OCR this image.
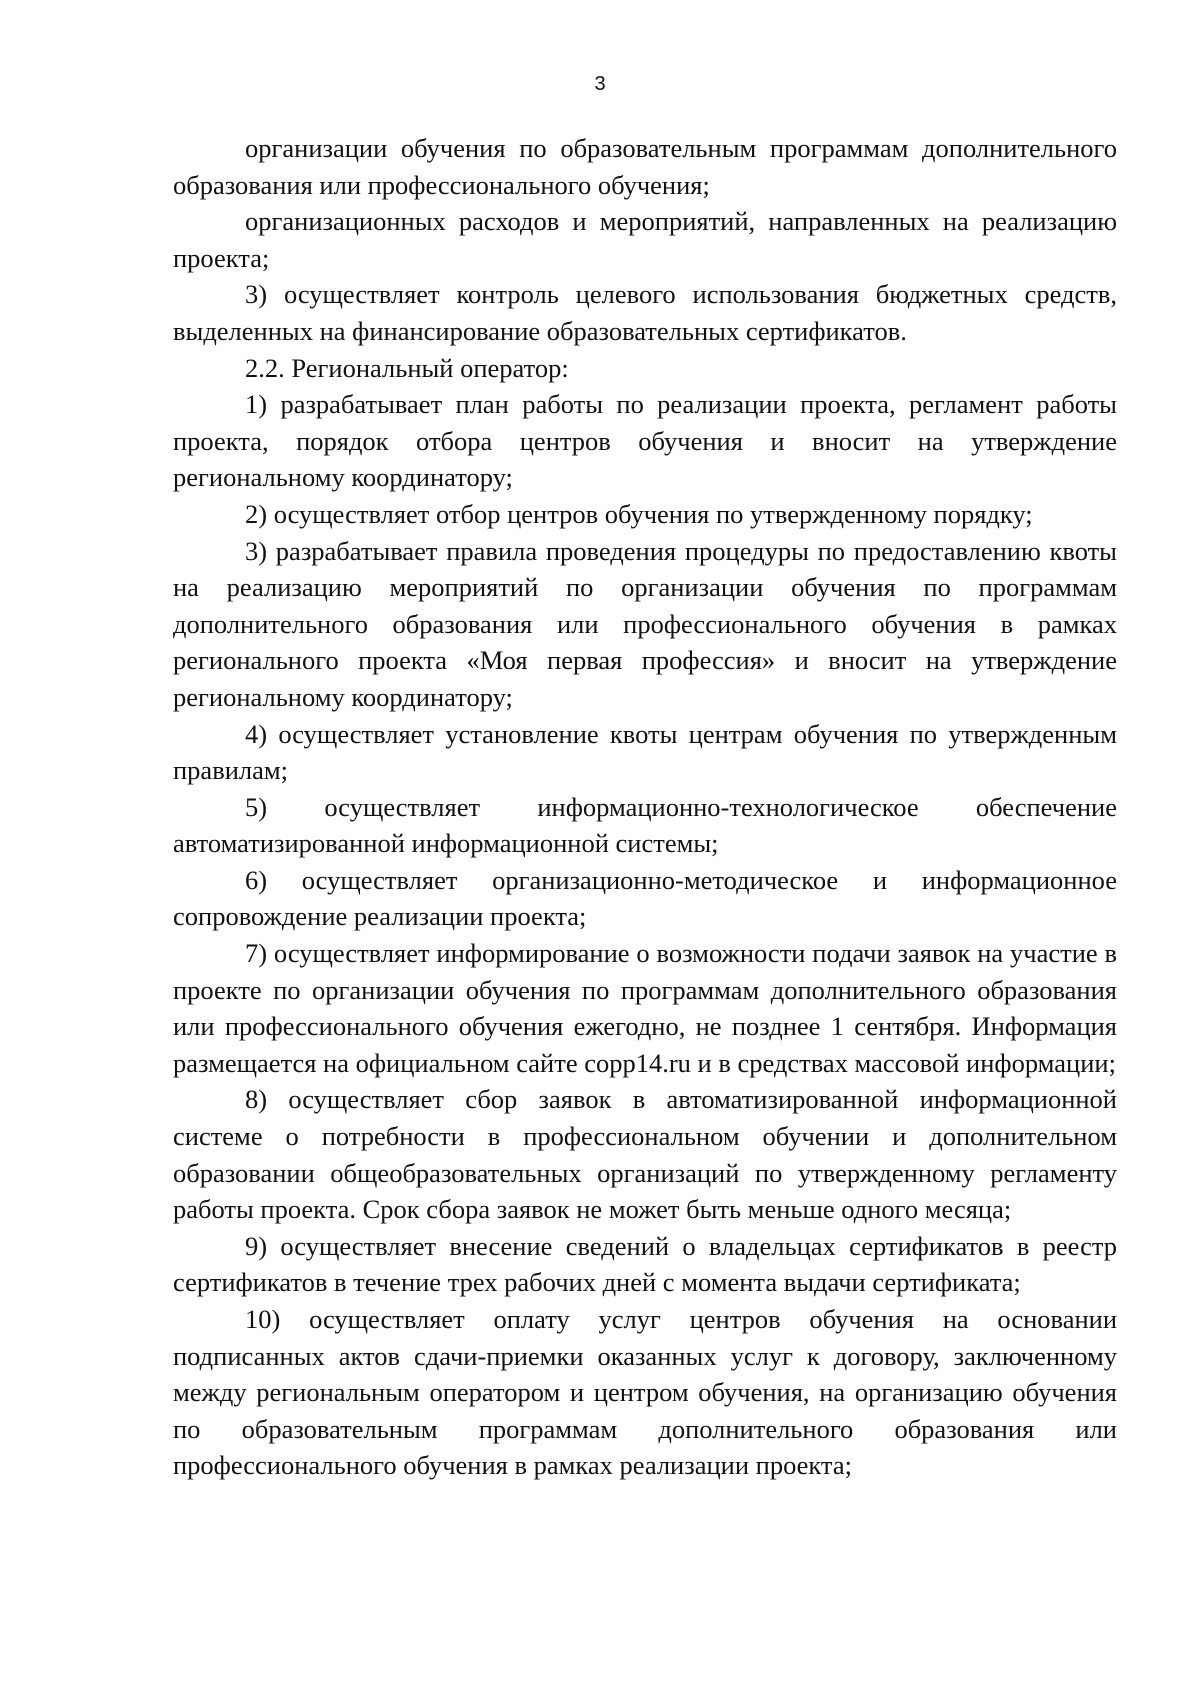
3

организации обучения по образовательным программам дополнительного образования или профессионального обучения;

организационных расходов и мероприятий, направленных на реализацию проекта;

3) осуществляет контроль целевого использования бюджетных средств, выделенных на финансирование образовательных сертификатов.

2.2. Региональный оператор:

1) разрабатывает план работы по реализации проекта, регламент работы проекта, порядок отбора центров обучения и вносит на утверждение региональному координатору;

2) осуществляет отбор центров обучения по утвержденному порядку;

3) разрабатывает правила проведения процедуры по предоставлению квоты на реализацию мероприятий по организации обучения по программам дополнительного образования или профессионального обучения в рамках регионального проекта «Моя первая профессия» и вносит на утверждение региональному координатору;

4) осуществляет установление квоты центрам обучения по утвержденным правилам;

5) осуществляет информационно-технологическое обеспечение автоматизированной информационной системы;

6) осуществляет организационно-методическое и информационное сопровождение реализации проекта;

7) осуществляет информирование о возможности подачи заявок на участие в проекте по организации обучения по программам дополнительного образования или профессионального обучения ежегодно, не позднее 1 сентября. Информация размещается на официальном сайте copp14.ru и в средствах массовой информации;

8) осуществляет сбор заявок в автоматизированной информационной системе о потребности в профессиональном обучении и дополнительном образовании общеобразовательных организаций по утвержденному регламенту работы проекта. Срок сбора заявок не может быть меньше одного месяца;

9) осуществляет внесение сведений о владельцах сертификатов в реестр сертификатов в течение трех рабочих дней с момента выдачи сертификата;

10) осуществляет оплату услуг центров обучения на основании подписанных актов сдачи-приемки оказанных услуг к договору, заключенному между региональным оператором и центром обучения, на организацию обучения по образовательным программам дополнительного образования или профессионального обучения в рамках реализации проекта;
